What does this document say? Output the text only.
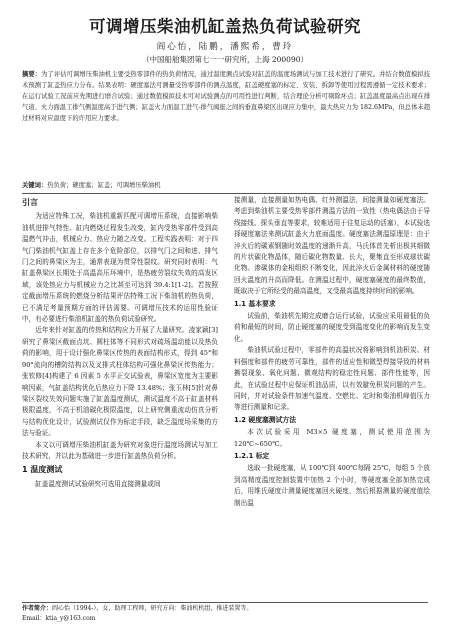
可调增压柴油机缸盖热负荷试验研究
阎心怡，陆鹏，潘熙希，曹玲
（中国船舶集团第七一一研究所，上海 200090）
摘要：为了评估可调增压柴油机主要受热零部件的热负荷情况，通过温度测点试验对缸盖的温度场测试与加工技术进行了研究。并结合数值模拟技术预测了缸盖热应力分布。结果表明：硬度塞法可测量受热零部件的测点温度，缸盖硬度塞的标定、安装、拆卸等使用过程需遵循一定技术要求；在运行试验工况前应先期进行磨合试验；通过数值模拟技术可对试验测点的可用性进行判断，结合理论分析可剔除坏点；缸盖温度最高点出现在排气道、火力面温工排气侧温度高于进气侧；缸盖火力面温工进气-排气阀座之间的垂直鼻梁区出现应力集中，最大热应力为 182.6MPa，但总体未超过材料对应温度下的许用应力要求。
关键词：热负荷；硬度塞；缸盖；可调增压柴油机
引言

为适应特殊工况，柴油机重新匹配可调增压系统，直接影响柴油机进排气特性、缸内燃烧过程发生改变，缸内受热零部件受到高温燃气冲击，机械应力、热应力随之改变。工程实践表明：对于四气门柴油机气缸盖上存在多个危险部位，以排气门之间和进、排气门之间的鼻梁区为主，通常表现为贯穿性裂纹。研究同时表明：气缸盖鼻梁区长期处于高温高压环境中，是热疲劳裂纹失效的高发区域，该处热应力与机械应力之比甚至可达到 39.4:1[1-2]。若按照定截面增压系统的燃烧分析结果评估特殊工况下柴油机的热负荷，已不满足考量预期方面的评估需要。可调增压技术的运用性验证中，有必要进行柴油机缸盖的热负荷试验研究。

近年来针对缸盖的传热和结构应力开展了大量研究。凌家颖[3]研究了鼻梁区截面点坑、圆柱体等不同形式对疏场温动能以及热负荷的影响，用于设计强化鼻梁区传热的表面结构形式，得到 45°和 90°流向的槽防结构以及叉排式柱体结构可强化鼻梁区传热能力；张钦修[4]构建了 6 因素 5 水平正交试验表，鼻梁区宽度为主要影响因素，气缸盖结构优化后热应力下降 13.48%；张玉林[5]针对鼻梁区裂纹失效问题实施了缸盖温度测试，测试温度不高于缸盖材料极限温度，不高于机油碳化极限温度，以上研究侧重流动仿真分析与结构优化设计，试验测试仅作为标定手段，缺乏温度场采集的方法与验证。

本文以可调增压柴油机缸盖为研究对象进行温度场测试与加工技术研究，并以此为基础进一步进行缸盖热负荷分析。

1 温度测试

缸盖温度测试试验研究可选用直接测量或间

接测量，直接测量如热电偶、红外测温法，间接测量如硬度塞法。考虑到柴油机主要受热零部件测温方法的一致性（热电偶法由于导线接线、探头垂直等要求，较难适用于往复运动的活塞），本试验选择硬度塞法来测试缸盖火力底面温度。硬度塞法测温原理是：由于淬火后的碳素钢随时效温度的递渐升高，马氏体首先析出极其细微的片状碳化物晶体，随后碳化物数量、长大，聚集直至形成球状碳化物。渗碳体的金相组织不断变化，因此淬火后金属材料的硬度随回火温度的升高而降低。在测温过程中，硬度塞硬度的最终数值，既取决于它所经受的最高温度，又受最高温度持续时间的影响。

1.1 基本要求

试验前，柴油机先期完成磨合运行试验，试验应采用最低的负荷和最短的时间，防止硬度塞的硬度受到温度变化的影响而发生变化。

柴油机试验过程中，零部件的高温状况将影响到机油积炭、材料强度和部件的疲劳可靠性，部件的适应性和微型焊接导致的材料撕裂现象、氧化问题、微观结构的稳定性问题、部件性能等，因此，在试验过程中应保证机油品质，以有效避免积炭问题的产生。同时，并对试验条件加速气温度、空燃比、定时和柴油机峰值压力等进行测量和记录。

1.2 硬度塞测试方法

本次试验采用 M3×5 硬度塞，测试使用范围为 120℃~650℃。

1.2.1 标定

选取一批硬度塞，从 100℃到 400℃每隔 25℃，每组 5 个放到高精度温度控制装置中加热 2 个小时，等硬度塞全部加热完成后，用维氏硬度计测量硬度塞回火硬度，然后根据测量的硬度值绘制出温

作者简介：阎心怡（1994-），女，助理工程师，研究方向：柴油机机组，推进装置等。
Email：ktia_y@163.com
